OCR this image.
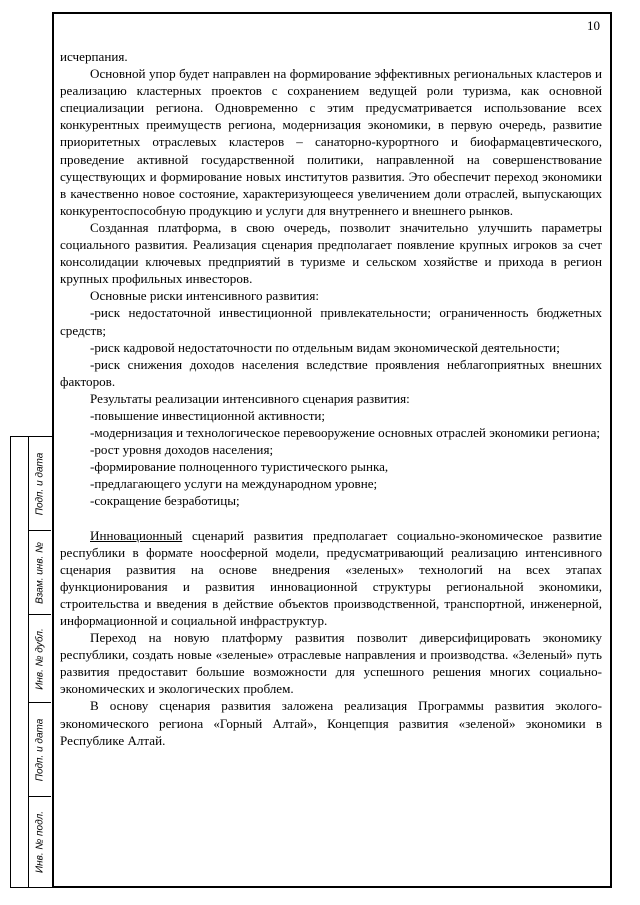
Подп. и дата
Взам. инв. №
Инв. № дубл.
Подп. и дата
Инв. № подл.
10

исчерпания.

Основной упор будет направлен на формирование эффективных региональных кластеров и реализацию кластерных проектов с сохранением ведущей роли туризма, как основной специализации региона. Одновременно с этим предусматривается использование всех конкурентных преимуществ региона, модернизация экономики, в первую очередь, развитие приоритетных отраслевых кластеров – санаторно-курортного и биофармацевтического, проведение активной государственной политики, направленной на совершенствование существующих и формирование новых институтов развития. Это обеспечит переход экономики в качественно новое состояние, характеризующееся увеличением доли отраслей, выпускающих конкурентоспособную продукцию и услуги для внутреннего и внешнего рынков.

Созданная платформа, в свою очередь, позволит значительно улучшить параметры социального развития. Реализация сценария предполагает появление крупных игроков за счет консолидации ключевых предприятий в туризме и сельском хозяйстве и прихода в регион крупных профильных инвесторов.

Основные риски интенсивного развития:

-риск недостаточной инвестиционной привлекательности; ограниченность бюджетных средств;

-риск кадровой недостаточности по отдельным видам экономической деятельности;

-риск снижения доходов населения вследствие проявления неблагоприятных внешних факторов.

Результаты реализации интенсивного сценария развития:

-повышение инвестиционной активности;

-модернизация и технологическое перевооружение основных отраслей экономики региона;

-рост уровня доходов населения;

-формирование полноценного туристического рынка,

-предлагающего услуги на международном уровне;

-сокращение безработицы;

Инновационный сценарий развития предполагает социально-экономическое развитие республики в формате ноосферной модели, предусматривающий реализацию интенсивного сценария развития на основе внедрения «зеленых» технологий на всех этапах функционирования и развития инновационной структуры региональной экономики, строительства и введения в действие объектов производственной, транспортной, инженерной, информационной и социальной инфраструктур.

Переход на новую платформу развития позволит диверсифицировать экономику республики, создать новые «зеленые» отраслевые направления и производства. «Зеленый» путь развития предоставит большие возможности для успешного решения многих социально-экономических и экологических проблем.

В основу сценария развития заложена реализация Программы развития эколого-экономического региона «Горный Алтай», Концепция развития «зеленой» экономики в Республике Алтай.
